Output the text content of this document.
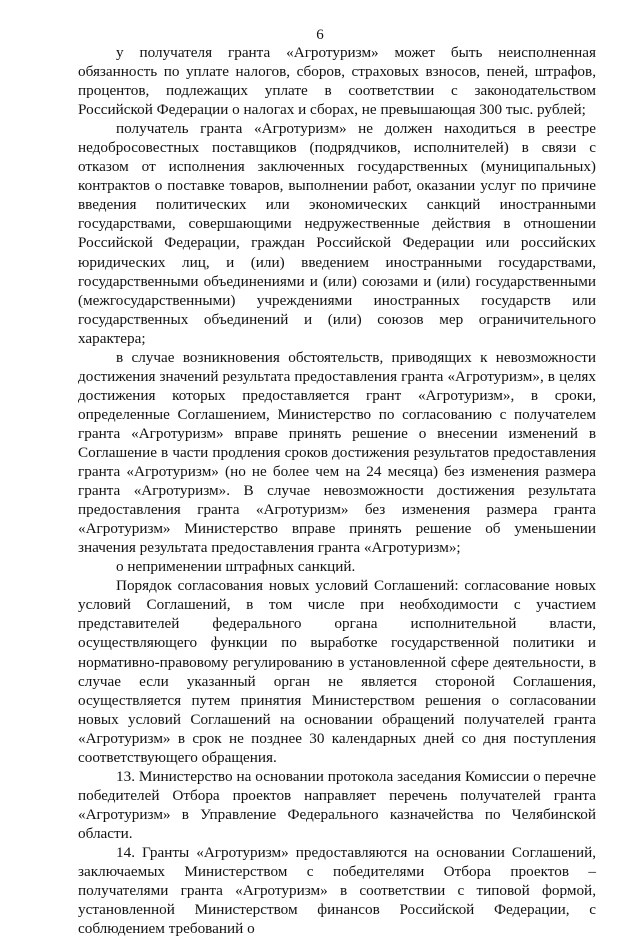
6

у получателя гранта «Агротуризм» может быть неисполненная обязанность по уплате налогов, сборов, страховых взносов, пеней, штрафов, процентов, подлежащих уплате в соответствии с законодательством Российской Федерации о налогах и сборах, не превышающая 300 тыс. рублей;

получатель гранта «Агротуризм» не должен находиться в реестре недобросовестных поставщиков (подрядчиков, исполнителей) в связи с отказом от исполнения заключенных государственных (муниципальных) контрактов о поставке товаров, выполнении работ, оказании услуг по причине введения политических или экономических санкций иностранными государствами, совершающими недружественные действия в отношении Российской Федерации, граждан Российской Федерации или российских юридических лиц, и (или) введением иностранными государствами, государственными объединениями и (или) союзами и (или) государственными (межгосударственными) учреждениями иностранных государств или государственных объединений и (или) союзов мер ограничительного характера;

в случае возникновения обстоятельств, приводящих к невозможности достижения значений результата предоставления гранта «Агротуризм», в целях достижения которых предоставляется грант «Агротуризм», в сроки, определенные Соглашением, Министерство по согласованию с получателем гранта «Агротуризм» вправе принять решение о внесении изменений в Соглашение в части продления сроков достижения результатов предоставления гранта «Агротуризм» (но не более чем на 24 месяца) без изменения размера гранта «Агротуризм». В случае невозможности достижения результата предоставления гранта «Агротуризм» без изменения размера гранта «Агротуризм» Министерство вправе принять решение об уменьшении значения результата предоставления гранта «Агротуризм»;

о неприменении штрафных санкций.

Порядок согласования новых условий Соглашений: согласование новых условий Соглашений, в том числе при необходимости с участием представителей федерального органа исполнительной власти, осуществляющего функции по выработке государственной политики и нормативно-правовому регулированию в установленной сфере деятельности, в случае если указанный орган не является стороной Соглашения, осуществляется путем принятия Министерством решения о согласовании новых условий Соглашений на основании обращений получателей гранта «Агротуризм» в срок не позднее 30 календарных дней со дня поступления соответствующего обращения.

13. Министерство на основании протокола заседания Комиссии о перечне победителей Отбора проектов направляет перечень получателей гранта «Агротуризм» в Управление Федерального казначейства по Челябинской области.

14. Гранты «Агротуризм» предоставляются на основании Соглашений, заключаемых Министерством с победителями Отбора проектов – получателями гранта «Агротуризм» в соответствии с типовой формой, установленной Министерством финансов Российской Федерации, с соблюдением требований о
